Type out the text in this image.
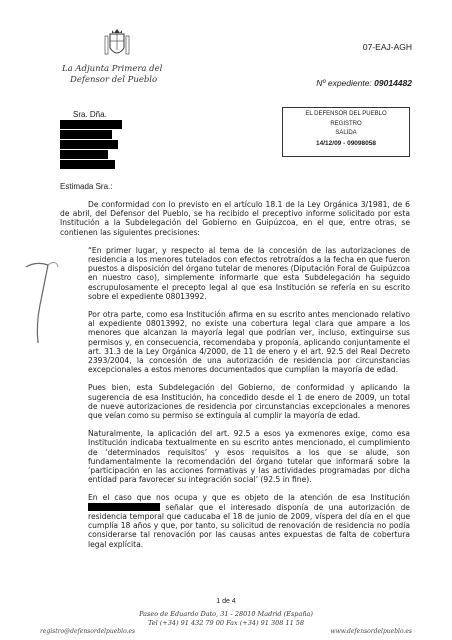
La Adjunta Primera del
Defensor del Pueblo
07-EAJ-AGH
Nº expediente: 09014482
EL DEFENSOR DEL PUEBLO
REGISTRO
SALIDA
14/12/09 - 09098058
Sra. Dña.
Estimada Sra.:

De conformidad con lo previsto en el artículo 18.1 de la Ley Orgánica 3/1981, de 6 de abril, del Defensor del Pueblo, se ha recibido el preceptivo informe solicitado por esta Institución a la Subdelegación del Gobierno en Guipúzcoa, en el que, entre otras, se contienen las siguientes precisiones:

“En primer lugar, y respecto al tema de la concesión de las autorizaciones de residencia a los menores tutelados con efectos retrotraídos a la fecha en que fueron puestos a disposición del órgano tutelar de menores (Diputación Foral de Guipúzcoa en nuestro caso), simplemente informarle que esta Subdelegación ha seguido escrupulosamente el precepto legal al que esa Institución se refería en su escrito sobre el expediente 08013992.

Por otra parte, como esa Institución afirma en su escrito antes mencionado relativo al expediente 08013992, no existe una cobertura legal clara que ampare a los menores que alcanzan la mayoría legal que podrían ver, incluso, extinguirse sus permisos y, en consecuencia, recomendaba y proponía, aplicando conjuntamente el art. 31.3 de la Ley Orgánica 4/2000, de 11 de enero y el art. 92.5 del Real Decreto 2393/2004, la concesión de una autorización de residencia por circunstancias excepcionales a estos menores documentados que cumplían la mayoría de edad.

Pues bien, esta Subdelegación del Gobierno, de conformidad y aplicando la sugerencia de esa Institución, ha concedido desde el 1 de enero de 2009, un total de nueve autorizaciones de residencia por circunstancias excepcionales a menores que veían como su permiso se extinguía al cumplir la mayoría de edad.

Naturalmente, la aplicación del art. 92.5 a esos ya exmenores exige, como esa Institución indicaba textualmente en su escrito antes mencionado, el cumplimiento de ‘determinados requisitos’ y esos requisitos a los que se alude, son fundamentalmente la recomendación del órgano tutelar que informará sobre la ‘participación en las acciones formativas y las actividades programadas por dicha entidad para favorecer su integración social’ (92.5 in fine).

En el caso que nos ocupa y que es objeto de la atención de esa Institución  señalar que el interesado disponía de una autorización de residencia temporal que caducaba el 18 de junio de 2009, víspera del día en el que cumplía 18 años y que, por tanto, su solicitud de renovación de residencia no podía considerarse tal renovación por las causas antes expuestas de falta de cobertura legal explícita.

1 de 4
Paseo de Eduardo Dato, 31 - 28010 Madrid (España)
Tel (+34) 91 432 79 00 Fax (+34) 91 308 11 58
registro@defensordelpueblo.es	www.defensordelpueblo.es
